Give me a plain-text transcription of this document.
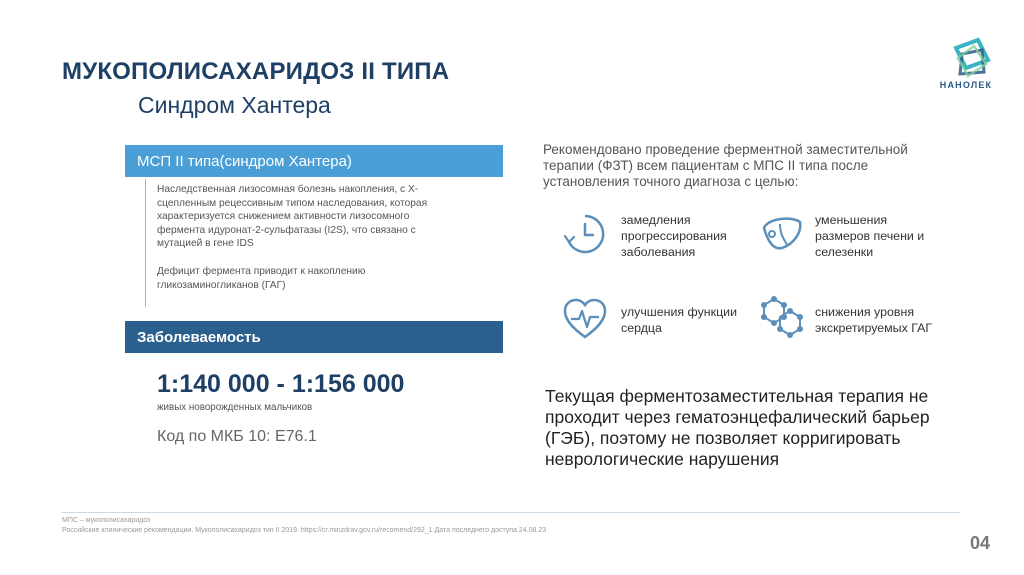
МУКОПОЛИСАХАРИДОЗ II ТИПА
Синдром Хантера
НАНОЛЕК
МСП II типа (синдром Хантера)

Наследственная лизосомная болезнь накопления, с Х-сцепленным рецессивным типом наследования, которая характеризуется снижением активности лизосомного фермента идуронат-2-сульфатазы (I2S), что связано с мутацией в гене IDS

Дефицит фермента приводит к накоплению гликозаминогликанов (ГАГ)

Заболеваемость
1:140 000 - 1:156 000
живых новорожденных мальчиков
Код по МКБ 10: E76.1
Рекомендовано проведение ферментной заместительной терапии (ФЗТ) всем пациентам с МПС II типа после установления точного диагноза с целью:
замедления прогрессирования заболевания
уменьшения размеров печени и селезенки
улучшения функции сердца
снижения уровня экскретируемых ГАГ
Текущая ферментозаместительная терапия не проходит через гематоэнцефалический барьер (ГЭБ), поэтому не позволяет корригировать неврологические нарушения
МПС – мукополисахаридоз
Российские клинические рекомендации. Мукополисахаридоз тип II 2019. https://cr.minzdrav.gov.ru/recomend/292_1 Дата последнего доступа 24.08.23
04
